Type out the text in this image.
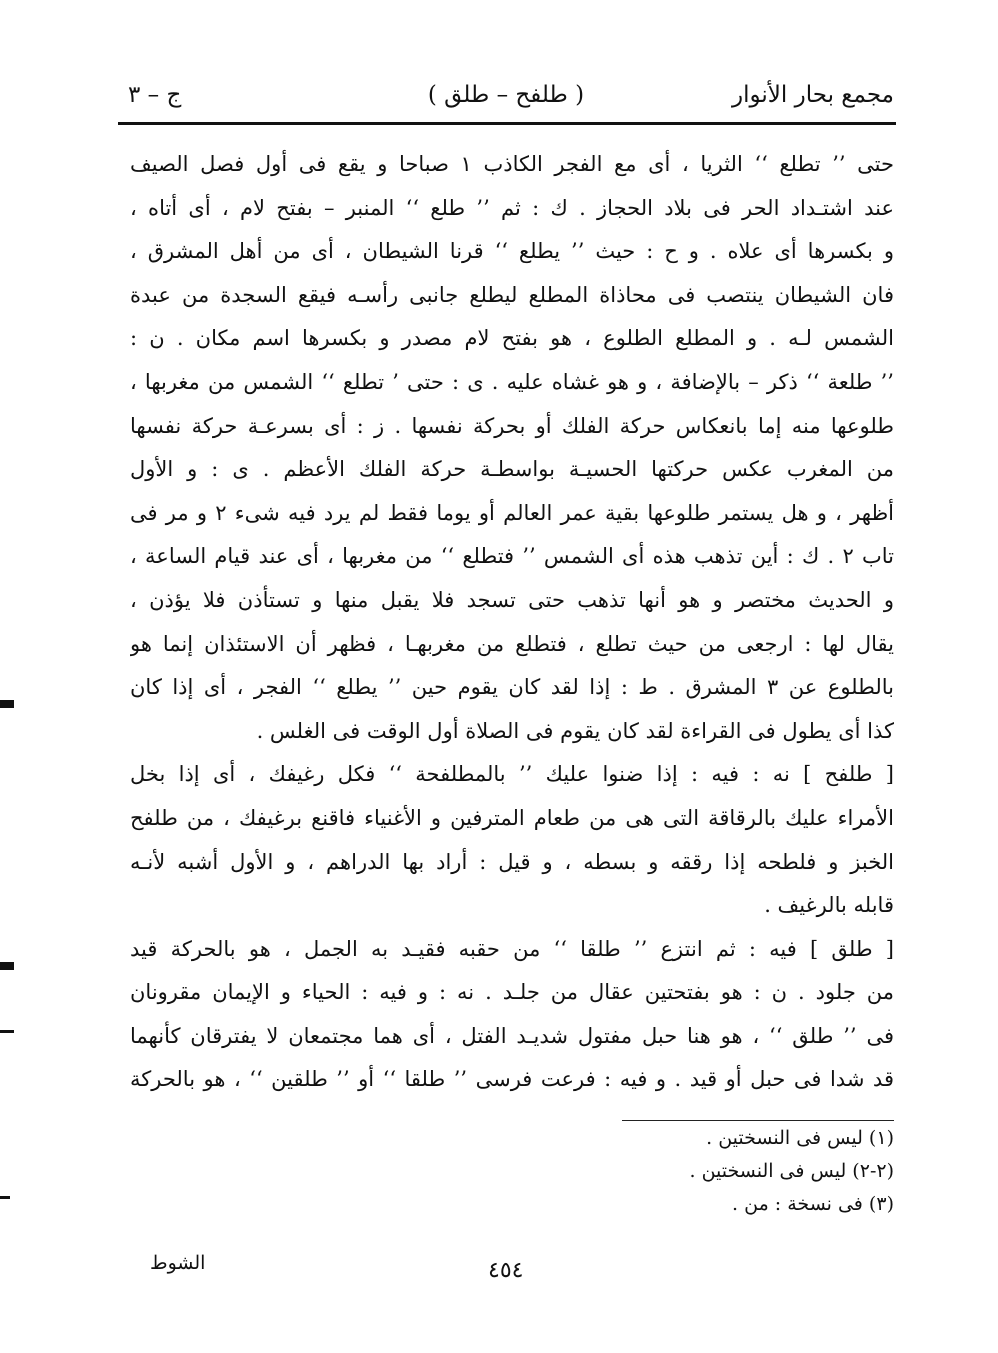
مجمع بحار الأنوار
( طلفح – طلق )
ج – ٣
حتى ’’ تطلع ‘‘ الثريا ، أى مع الفجر الكاذب ١ صباحا و يقع فى أول فصل الصيف
عند اشتـداد الحر فى بلاد الحجاز . ك : ثم ’’ طلع ‘‘ المنبر – بفتح لام ، أى أتاه ،
و بكسرها أى علاه . و ح : حيث ’’ يطلع ‘‘ قرنا الشيطان ، أى من أهل المشرق ،
فان الشيطان ينتصب فى محاذاة المطلع ليطلع جانبى رأسـه فيقع السجدة من عبدة
الشمس لـه . و المطلع الطلوع ، هو بفتح لام مصدر و بكسرها اسم مكان . ن :
’’ طلعة ‘‘ ذكر – بالإضافة ، و هو غشاه عليه . ى : حتى ’ تطلع ‘‘ الشمس من مغربها ،
طلوعها منه إما بانعكاس حركة الفلك أو بحركة نفسها . ز : أى بسرعـة حركة نفسها
من المغرب عكس حركتها الحسيـة بواسطـة حركة الفلك الأعظم . ى : و الأول
أظهر ، و هل يستمر طلوعها بقية عمر العالم أو يوما فقط لم يرد فيه شىء ٢ و مر فى
تاب ٢ . ك : أين تذهب هذه أى الشمس ’’ فتطلع ‘‘ من مغربها ، أى عند قيام الساعة ،
و الحديث مختصر و هو أنها تذهب حتى تسجد فلا يقبل منها و تستأذن فلا يؤذن ،
يقال لها : ارجعى من حيث تطلع ، فتطلع من مغربهـا ، فظهر أن الاستئذان إنما هو
بالطلوع عن ٣ المشرق . ط : إذا لقد كان يقوم حين ’’ يطلع ‘‘ الفجر ، أى إذا كان
كذا أى يطول فى القراءة لقد كان يقوم فى الصلاة أول الوقت فى الغلس .
[ طلفح ] نه : فيه : إذا ضنوا عليك ’’ بالمطلفحة ‘‘ فكل رغيفك ، أى إذا بخل
الأمراء عليك بالرقاقة التى هى من طعام المترفين و الأغنياء فاقنع برغيفك ، من طلفح
الخبز و فلطحه إذا رققه و بسطه ، و قيل : أراد بها الدراهم ، و الأول أشبه لأنـه
قابله بالرغيف .
[ طلق ] فيه : ثم انتزع ’’ طلقا ‘‘ من حقبه فقيـد به الجمل ، هو بالحركة قيد
من جلود . ن : هو بفتحتين عقال من جلـد . نه : و فيه : الحياء و الإيمان مقرونان
فى ’’ طلق ‘‘ ، هو هنا حبل مفتول شديـد الفتل ، أى هما مجتمعان لا يفترقان كأنهما
قد شدا فى حبل أو قيد . و فيه : فرعت فرسى ’’ طلقا ‘‘ أو ’’ طلقين ‘‘ ، هو بالحركة
(١) ليس فى النسختين .
(٢-٢) ليس فى النسختين .
(٣) فى نسخة : من .
٤٥٤
الشوط
